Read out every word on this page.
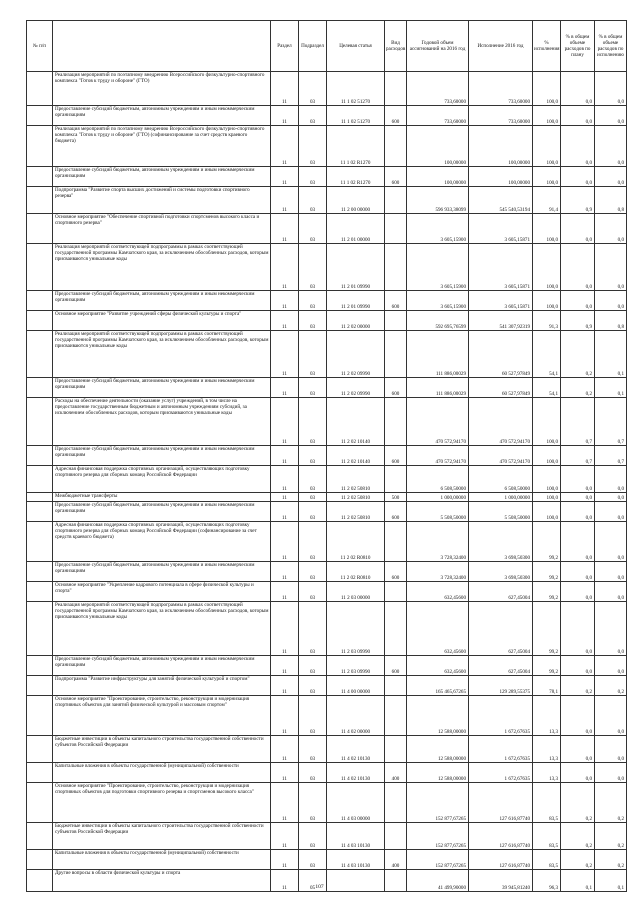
№ п/п		Раздел	Подраздел	Целевая статья	Вид расходов	Годовой объем ассигнований на 2016 год	Исполнение 2016 год	% исполнения	% в общем объеме расходов по плану	% в общем объеме расходов по исполнению
	Реализация мероприятий по поэтапному внедрению Всероссийского физкультурно-спортивного комплекса "Готов к труду и обороне" (ГТО)	11	03	11 1 02 51270		733,60000	733,60000	100,0	0,0	0,0
	Предоставление субсидий бюджетным, автономным учреждениям и иным некоммерческим организациям	11	03	11 1 02 51270	600	733,60000	733,60000	100,0	0,0	0,0
	Реализация мероприятий по поэтапному внедрению Всероссийского физкультурно-спортивного комплекса "Готов к труду и обороне" (ГТО) (софинансирование за счет средств краевого бюджета)	11	03	11 1 02 R1270		100,00000	100,00000	100,0	0,0	0,0
	Предоставление субсидий бюджетным, автономным учреждениям и иным некоммерческим организациям	11	03	11 1 02 R1270	600	100,00000	100,00000	100,0	0,0	0,0
	Подпрограмма "Развитие спорта высших достижений и системы подготовки спортивного резерва"	11	03	11 2 00 00000		596 933,38099	545 540,53194	91,4	0,9	0,8
	Основное мероприятие "Обеспечение спортивной подготовки спортсменов высокого класса и спортивного резерва"	11	03	11 2 01 00000		3 605,15900	3 605,15871	100,0	0,0	0,0
	Реализация мероприятий соответствующей подпрограммы в рамках соответствующей государственной программы Камчатского края, за исключением обособленных расходов, которым присваиваются уникальные коды	11	03	11 2 01 09990		3 605,15900	3 605,15871	100,0	0,0	0,0
	Предоставление субсидий бюджетным, автономным учреждениям и иным некоммерческим организациям	11	03	11 2 01 09990	600	3 605,15900	3 605,15871	100,0	0,0	0,0
	Основное мероприятие "Развитие учреждений сферы физической культуры и спорта"	11	03	11 2 02 00000		592 695,76599	541 307,92319	91,3	0,9	0,8
	Реализация мероприятий соответствующей подпрограммы в рамках соответствующей государственной программы Камчатского края, за исключением обособленных расходов, которым присваиваются уникальные коды	11	03	11 2 02 09990		111 886,00029	60 527,97849	54,1	0,2	0,1
	Предоставление субсидий бюджетным, автономным учреждениям и иным некоммерческим организациям	11	03	11 2 02 09990	600	111 886,00029	60 527,97849	54,1	0,2	0,1
	Расходы на обеспечение деятельности (оказание услуг) учреждений, в том числе на предоставление государственным бюджетным и автономным учреждениям субсидий, за исключением обособленных расходов, которым присваиваются уникальные коды	11	03	11 2 02 10140		470 572,94170	470 572,94170	100,0	0,7	0,7
	Предоставление субсидий бюджетным, автономным учреждениям и иным некоммерческим организациям	11	03	11 2 02 10140	600	470 572,94170	470 572,94170	100,0	0,7	0,7
	Адресная финансовая поддержка спортивных организаций, осуществляющих подготовку спортивного резерва для сборных команд Российской Федерации	11	03	11 2 02 50810		6 508,50000	6 508,50000	100,0	0,0	0,0
	Межбюджетные трансферты	11	03	11 2 02 50810	500	1 000,00000	1 000,00000	100,0	0,0	0,0
	Предоставление субсидий бюджетным, автономным учреждениям и иным некоммерческим организациям	11	03	11 2 02 50810	600	5 508,50000	5 508,50000	100,0	0,0	0,0
	Адресная финансовая поддержка спортивных организаций, осуществляющих подготовку спортивного резерва для сборных команд Российской Федерации (софинансирование за счет средств краевого бюджета)	11	03	11 2 02 R0810		3 728,32400	3 698,50300	99,2	0,0	0,0
	Предоставление субсидий бюджетным, автономным учреждениям и иным некоммерческим организациям	11	03	11 2 02 R0810	600	3 728,32400	3 698,50300	99,2	0,0	0,0
	Основное мероприятие "Укрепление кадрового потенциала в сфере физической культуры и спорта"	11	03	11 2 03 00000		632,45600	627,45004	99,2	0,0	0,0
	Реализация мероприятий соответствующей подпрограммы в рамках соответствующей государственной программы Камчатского края, за исключением обособленных расходов, которым присваиваются уникальные коды	11	03	11 2 03 09990		632,45600	627,45004	99,2	0,0	0,0
	Предоставление субсидий бюджетным, автономным учреждениям и иным некоммерческим организациям	11	03	11 2 03 09990	600	632,45600	627,45004	99,2	0,0	0,0
	Подпрограмма "Развитие инфраструктуры для занятий физической культурой и спортом"	11	03	11 4 00 00000		165 465,67265	129 289,55375	78,1	0,2	0,2
	Основное мероприятие "Проектирование, строительство, реконструкция и модернизация спортивных объектов для занятий физической культурой и массовым спортом"	11	03	11 4 02 00000		12 588,00000	1 672,67635	13,3	0,0	0,0
	Бюджетные инвестиции в объекты капитального строительства государственной собственности субъектов Российской Федерации	11	03	11 4 02 10130		12 588,00000	1 672,67635	13,3	0,0	0,0
	Капитальные вложения в объекты государственной (муниципальной) собственности	11	03	11 4 02 10130	400	12 588,00000	1 672,67635	13,3	0,0	0,0
	Основное мероприятие "Проектирование, строительство, реконструкция и модернизация спортивных объектов для подготовки спортивного резерва и спортсменов высокого класса"	11	03	11 4 03 00000		152 877,67265	127 616,87740	83,5	0,2	0,2
	Бюджетные инвестиции в объекты капитального строительства государственной собственности субъектов Российской Федерации	11	03	11 4 03 10130		152 877,67265	127 616,87740	83,5	0,2	0,2
	Капитальные вложения в объекты государственной (муниципальной) собственности	11	03	11 4 03 10130	400	152 877,67265	127 616,87740	83,5	0,2	0,2
	Другие вопросы в области физической культуры и спорта	11	05			41 499,90000	39 945,81240	96,3	0,1	0,1
107
